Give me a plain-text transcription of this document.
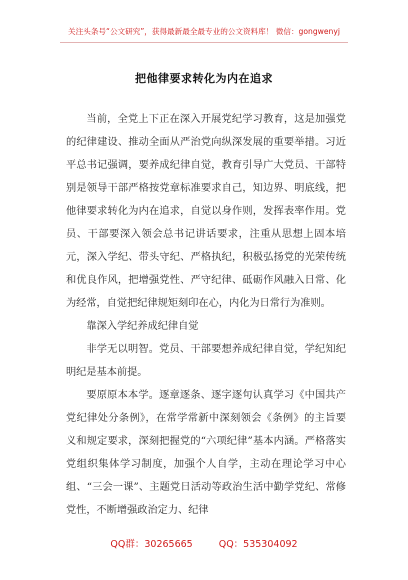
关注头条号“公文研究”，获得最新最全最专业的公文资料库！ 微信：gongwenyj
把他律要求转化为内在追求

当前，全党上下正在深入开展党纪学习教育，这是加强党的纪律建设、推动全面从严治党向纵深发展的重要举措。习近平总书记强调，要养成纪律自觉，教育引导广大党员、干部特别是领导干部严格按党章标准要求自己，知边界、明底线，把他律要求转化为内在追求，自觉以身作则，发挥表率作用。党员、干部要深入领会总书记讲话要求，注重从思想上固本培元，深入学纪、带头守纪、严格执纪，积极弘扬党的光荣传统和优良作风，把增强党性、严守纪律、砥砺作风融入日常、化为经常，自觉把纪律规矩刻印在心，内化为日常行为准则。

靠深入学纪养成纪律自觉

非学无以明智。党员、干部要想养成纪律自觉，学纪知纪明纪是基本前提。

要原原本本学。逐章逐条、逐字逐句认真学习《中国共产党纪律处分条例》，在常学常新中深刻领会《条例》的主旨要义和规定要求，深刻把握党的“六项纪律”基本内涵。严格落实党组织集体学习制度，加强个人自学，主动在理论学习中心组、“三会一课”、主题党日活动等政治生活中勤学党纪、常修党性，不断增强政治定力、纪律

QQ群：30265665	QQ：535304092
